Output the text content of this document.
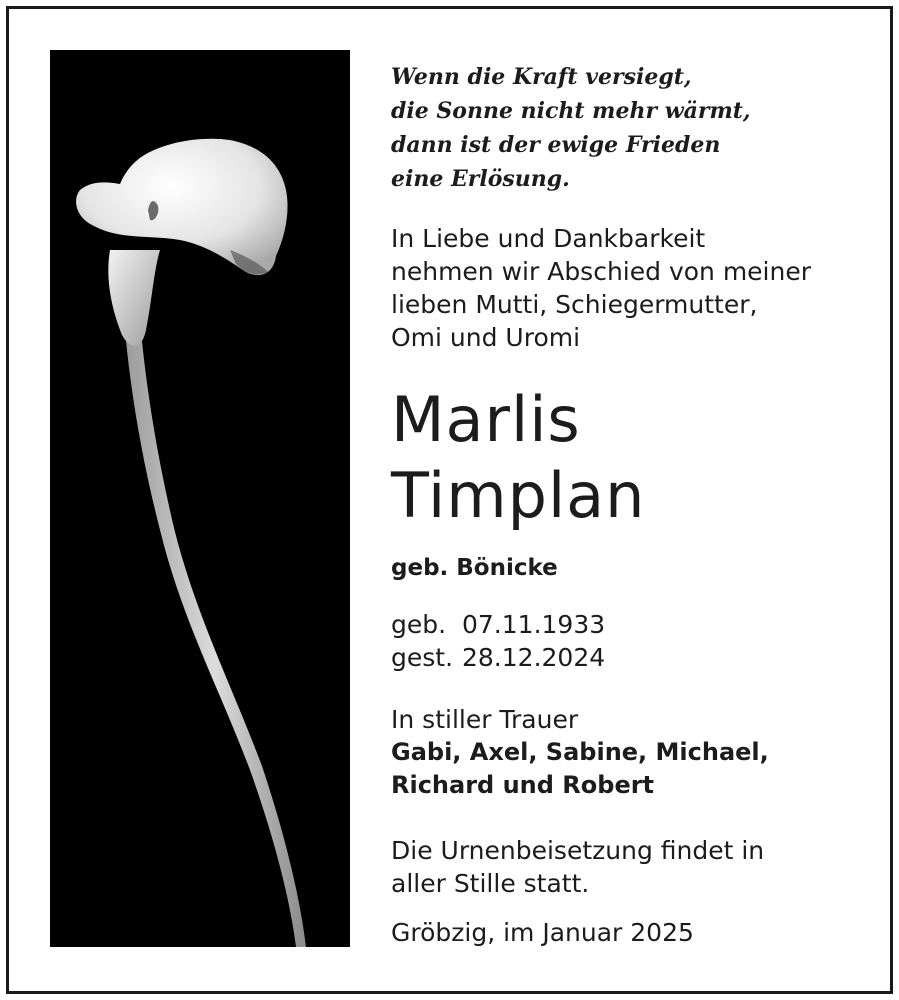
Wenn die Kraft versiegt,
die Sonne nicht mehr wärmt,
dann ist der ewige Frieden
eine Erlösung.
In Liebe und Dankbarkeit
nehmen wir Abschied von meiner
lieben Mutti, Schiegermutter,
Omi und Uromi
Marlis
Timplan
geb. Bönicke
geb. 07.11.1933
gest. 28.12.2024
In stiller Trauer
Gabi, Axel, Sabine, Michael,
Richard und Robert
Die Urnenbeisetzung findet in
aller Stille statt.
Gröbzig, im Januar 2025
